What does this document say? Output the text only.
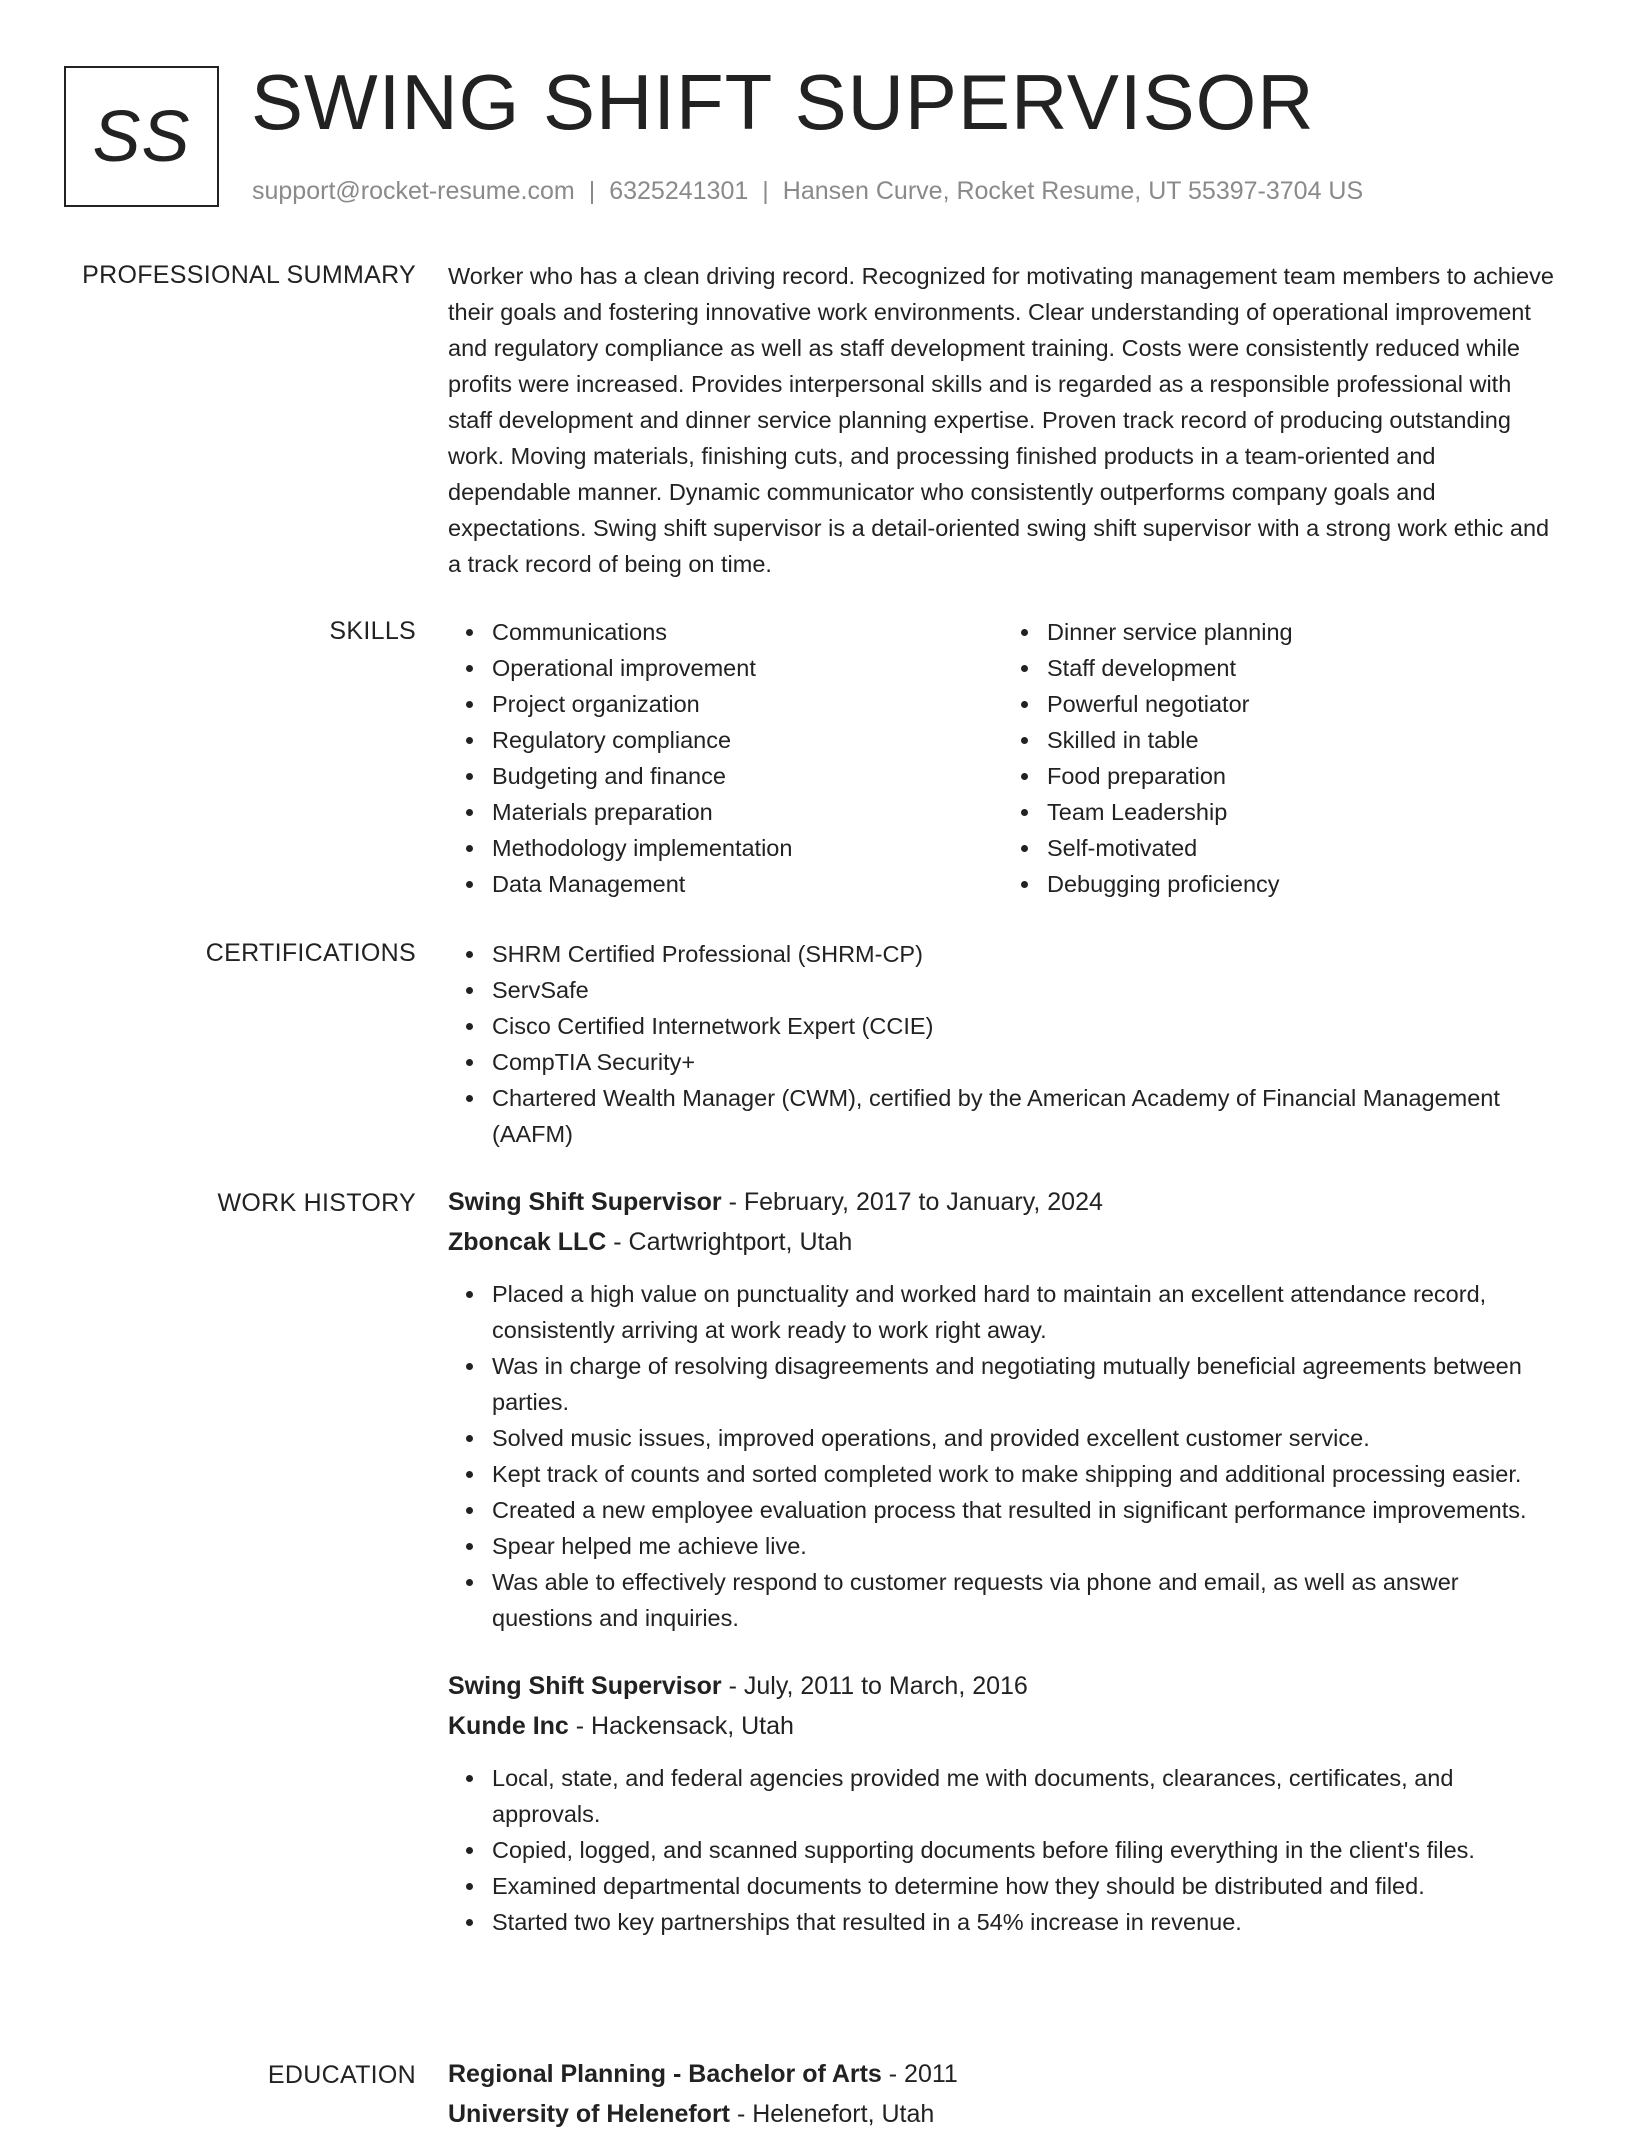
SS SWING SHIFT SUPERVISOR
support@rocket-resume.com | 6325241301 | Hansen Curve, Rocket Resume, UT 55397-3704 US
PROFESSIONAL SUMMARY Worker who has a clean driving record. Recognized for motivating management team members to achieve their goals and fostering innovative work environments. Clear understanding of operational improvement and regulatory compliance as well as staff development training. Costs were consistently reduced while profits were increased. Provides interpersonal skills and is regarded as a responsible professional with staff development and dinner service planning expertise. Proven track record of producing outstanding work. Moving materials, finishing cuts, and processing finished products in a team-oriented and dependable manner. Dynamic communicator who consistently outperforms company goals and expectations. Swing shift supervisor is a detail-oriented swing shift supervisor with a strong work ethic and a track record of being on time.

SKILLS	Communications
Operational improvement
Project organization
Regulatory compliance
Budgeting and finance
Materials preparation
Methodology implementation
Data Management
Dinner service planning
Staff development
Powerful negotiator
Skilled in table
Food preparation
Team Leadership
Self-motivated
Debugging proficiency
CERTIFICATIONS	SHRM Certified Professional (SHRM-CP)
ServSafe
Cisco Certified Internetwork Expert (CCIE)
CompTIA Security+
Chartered Wealth Manager (CWM), certified by the American Academy of Financial Management (AAFM)
WORK HISTORY Swing Shift Supervisor - February, 2017 to January, 2024
Zboncak LLC - Cartwrightport, Utah
Placed a high value on punctuality and worked hard to maintain an excellent attendance record, consistently arriving at work ready to work right away.
Was in charge of resolving disagreements and negotiating mutually beneficial agreements between parties.
Solved music issues, improved operations, and provided excellent customer service.
Kept track of counts and sorted completed work to make shipping and additional processing easier.
Created a new employee evaluation process that resulted in significant performance improvements.
Spear helped me achieve live.
Was able to effectively respond to customer requests via phone and email, as well as answer questions and inquiries.
Swing Shift Supervisor - July, 2011 to March, 2016
Kunde Inc - Hackensack, Utah
Local, state, and federal agencies provided me with documents, clearances, certificates, and approvals.
Copied, logged, and scanned supporting documents before filing everything in the client's files.
Examined departmental documents to determine how they should be distributed and filed.
Started two key partnerships that resulted in a 54% increase in revenue.
EDUCATION Regional Planning - Bachelor of Arts - 2011
University of Helenefort - Helenefort, Utah
